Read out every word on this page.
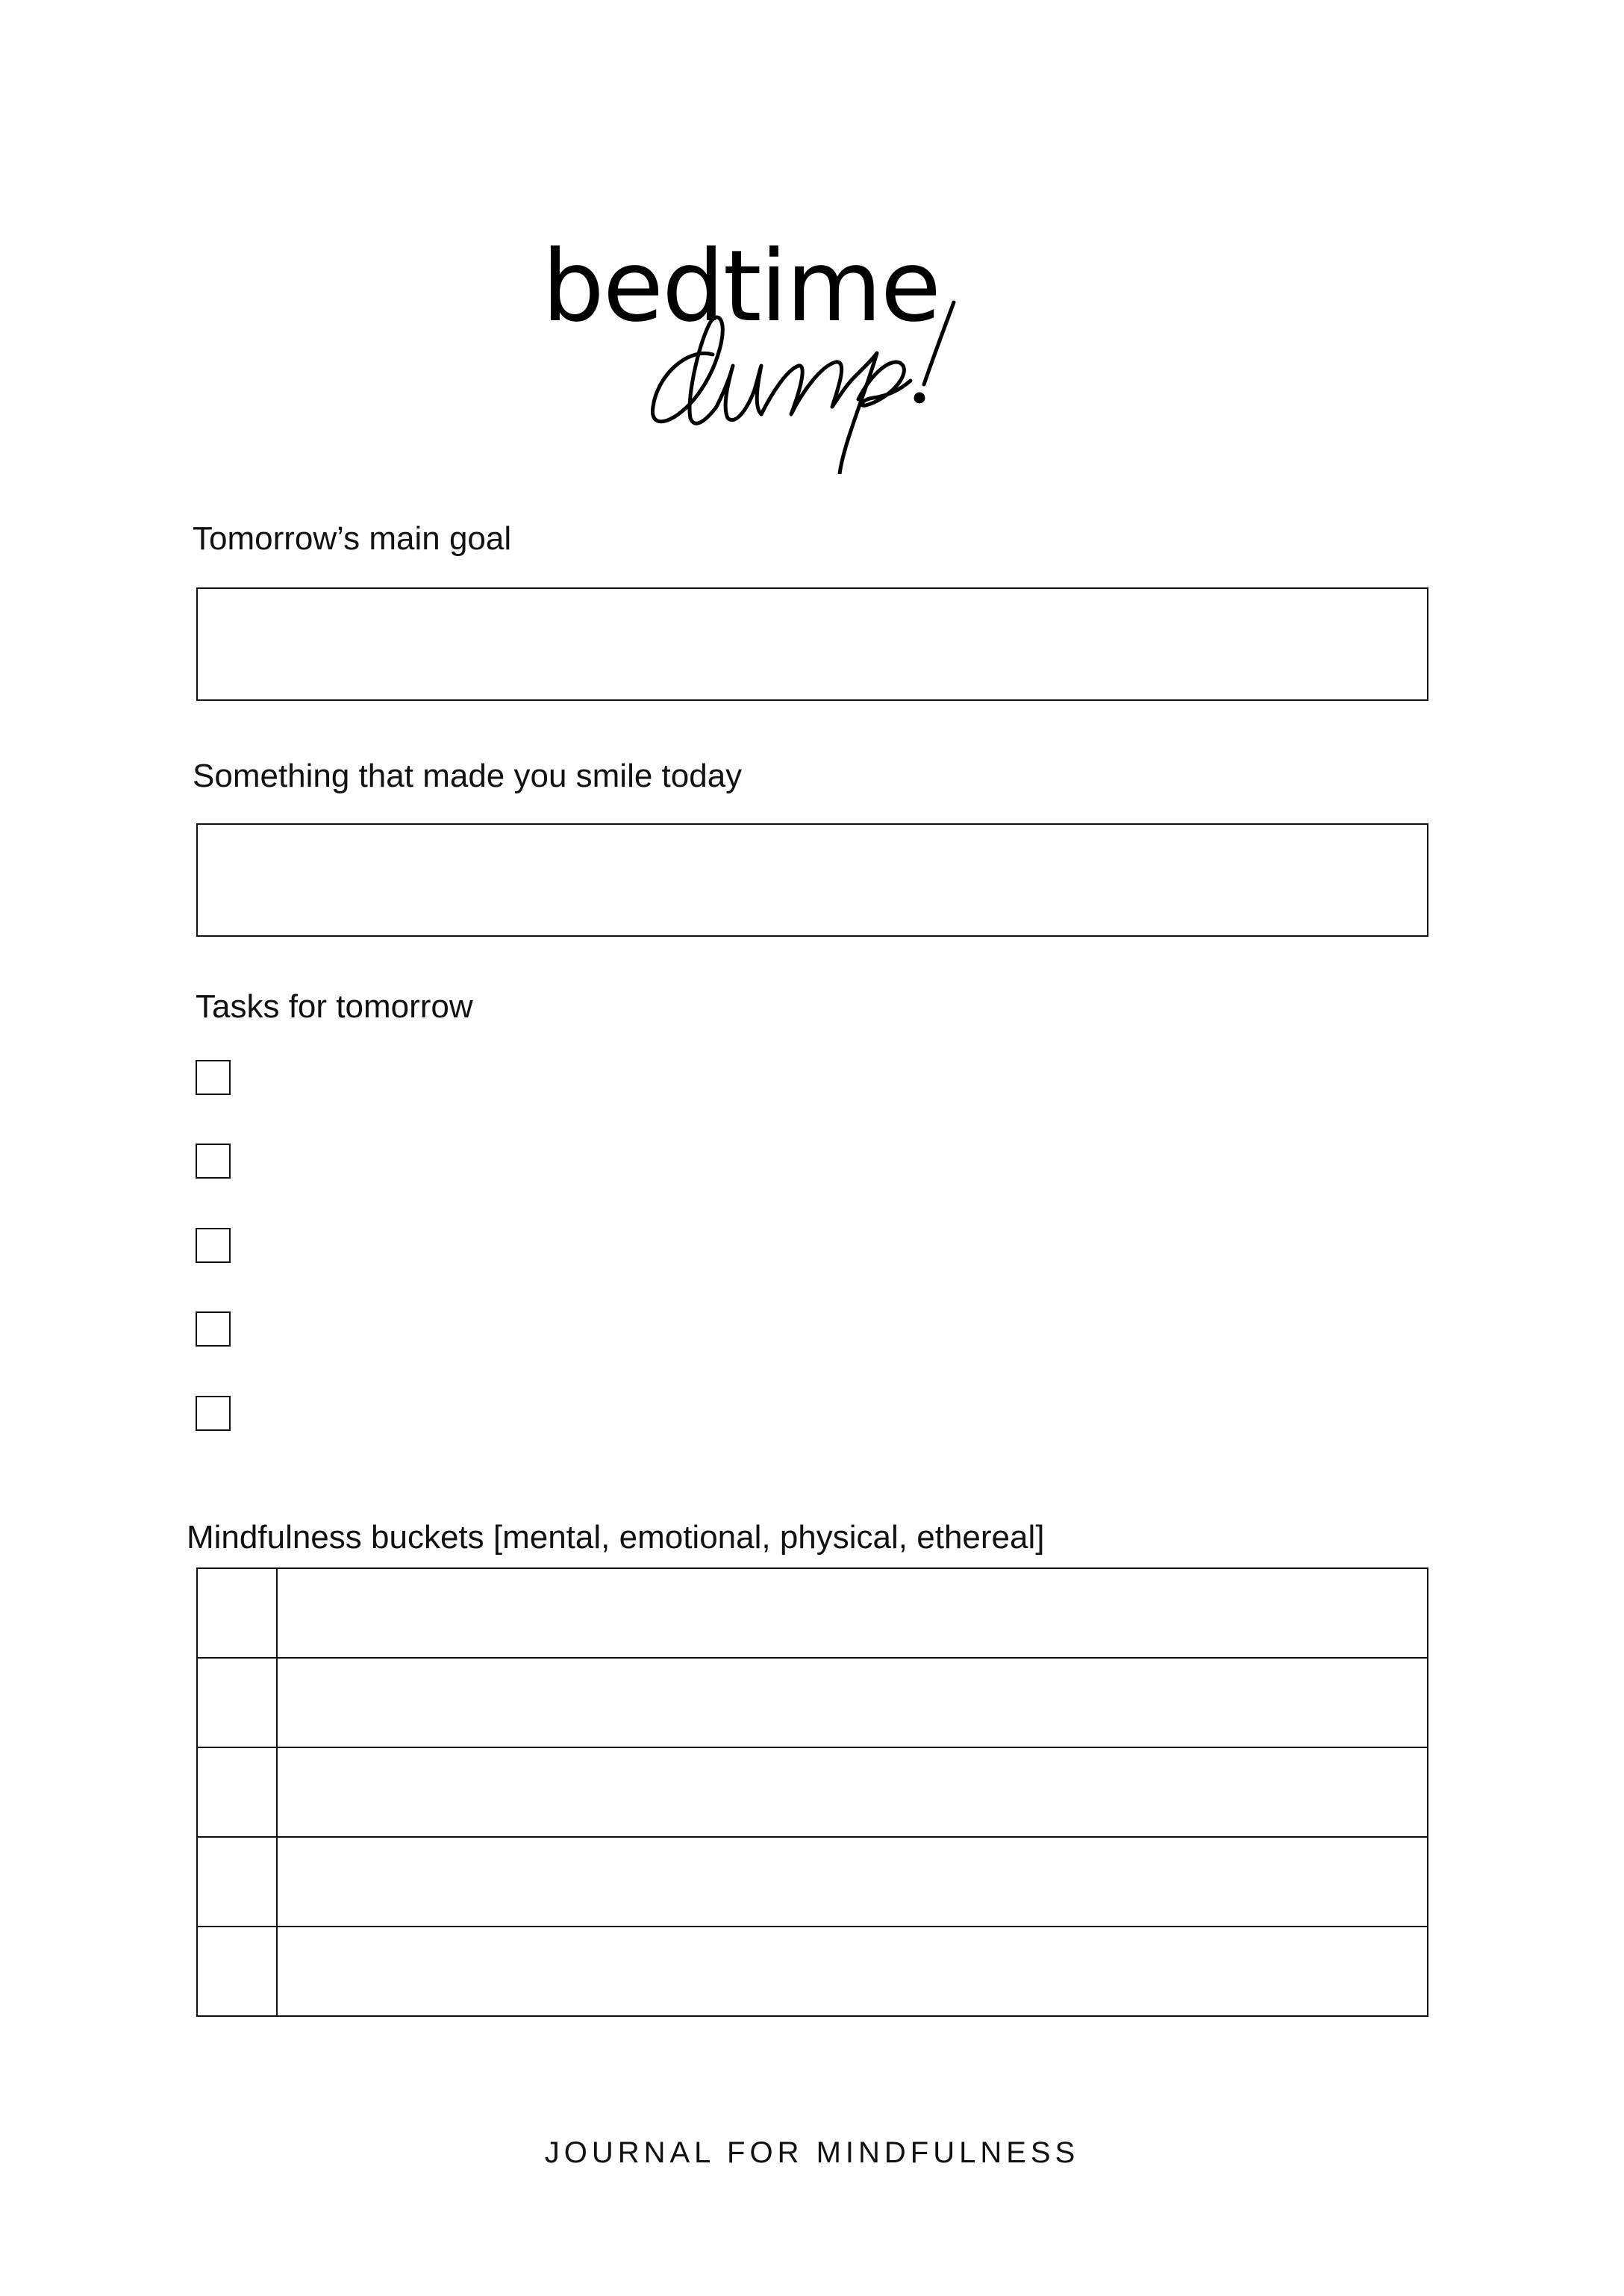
bedtime
Tomorrow’s main goal
Something that made you smile today
Tasks for tomorrow
Mindfulness buckets [mental, emotional, physical, ethereal]
JOURNAL FOR MINDFULNESS
